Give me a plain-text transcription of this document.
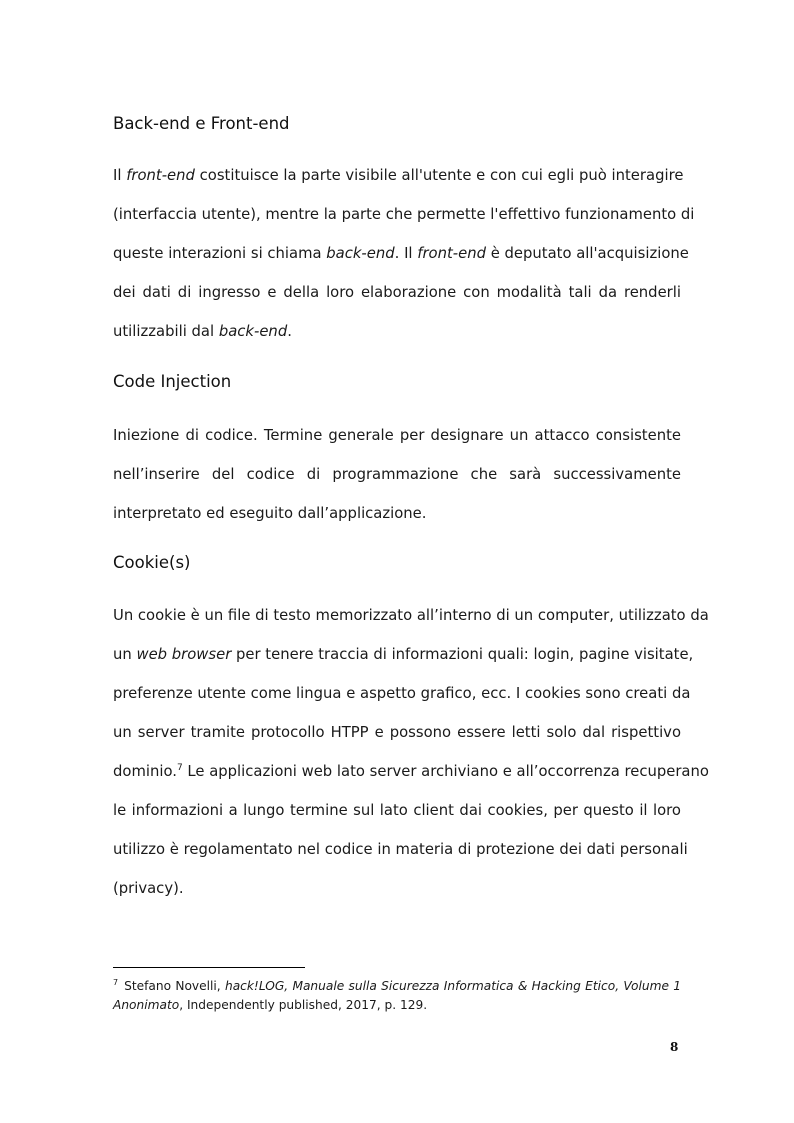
Back-end e Front-end
Il front-end costituisce la parte visibile all'utente e con cui egli può interagire
(interfaccia utente), mentre la parte che permette l'effettivo funzionamento di
queste interazioni si chiama back-end. Il front-end è deputato all'acquisizione
dei dati di ingresso e della loro elaborazione con modalità tali da renderli
utilizzabili dal back-end.
Code Injection
Iniezione di codice. Termine generale per designare un attacco consistente
nell’inserire del codice di programmazione che sarà successivamente
interpretato ed eseguito dall’applicazione.
Cookie(s)
Un cookie è un file di testo memorizzato all’interno di un computer, utilizzato da
un web browser per tenere traccia di informazioni quali: login, pagine visitate,
preferenze utente come lingua e aspetto grafico, ecc. I cookies sono creati da
un server tramite protocollo HTPP e possono essere letti solo dal rispettivo
dominio.$^7$ Le applicazioni web lato server archiviano e all’occorrenza recuperano
le informazioni a lungo termine sul lato client dai cookies, per questo il loro
utilizzo è regolamentato nel codice in materia di protezione dei dati personali
(privacy).
$^7$ Stefano Novelli, hack!LOG, Manuale sulla Sicurezza Informatica & Hacking Etico, Volume 1
Anonimato, Independently published, 2017, p. 129.
8
